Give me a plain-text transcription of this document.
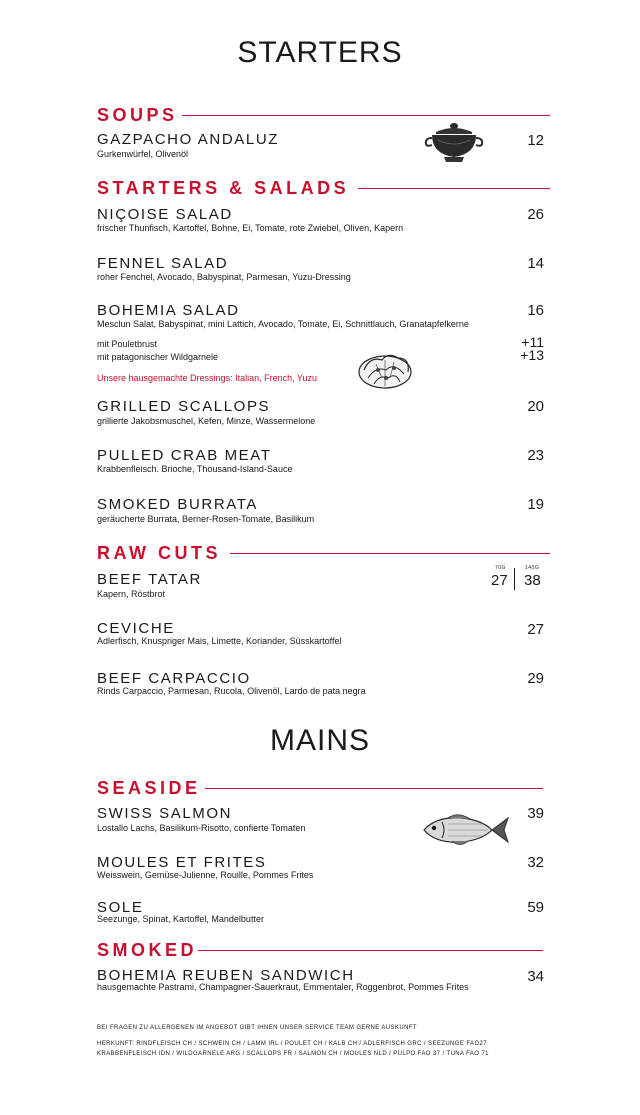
STARTERS
SOUPS
GAZPACHO ANDALUZ
Gurkenwürfel, Olivenöl
12
STARTERS & SALADS
NIÇOISE SALAD
frischer Thunfisch, Kartoffel, Bohne, Ei, Tomate, rote Zwiebel, Oliven, Kapern
26
FENNEL SALAD
roher Fenchel, Avocado, Babyspinat, Parmesan, Yuzu-Dressing
14
BOHEMIA SALAD
Mesclun Salat, Babyspinat, mini Lattich, Avocado, Tomate, Ei, Schnittlauch, Granatapfelkerne
16
mit Pouletbrust	+11
mit patagonischer Wildgarnele	+13
Unsere hausgemachte Dressings: Italian, French, Yuzu
GRILLED SCALLOPS
grillierte Jakobsmuschel, Kefen, Minze, Wassermelone
20
PULLED CRAB MEAT
Krabbenfleisch. Brioche, Thousand-Island-Sauce
23
SMOKED BURRATA
geräucherte Burrata, Berner-Rosen-Tomate, Basilikum
19
RAW CUTS
BEEF TATAR
Kapern, Röstbrot
70G	140G
27 38
CEVICHE
Adlerfisch, Knuspriger Mais, Limette, Koriander, Süsskartoffel
27
BEEF CARPACCIO
Rinds Carpaccio, Parmesan, Rucola, Olivenöl, Lardo de pata negra
29
MAINS
SEASIDE
SWISS SALMON
Lostallo Lachs, Basilikum-Risotto, confierte Tomaten
39
MOULES ET FRITES
Weisswein, Gemüse-Julienne, Rouille, Pommes Frites
32
SOLE
Seezunge, Spinat, Kartoffel, Mandelbutter
59
SMOKED
BOHEMIA REUBEN SANDWICH
hausgemachte Pastrami, Champagner-Sauerkraut, Emmentaler, Roggenbrot, Pommes Frites
34
BEI FRAGEN ZU ALLERGENEN IM ANGEBOT GIBT IHNEN UNSER SERVICE TEAM GERNE AUSKUNFT
HERKUNFT: RINDFLEISCH CH / SCHWEIN CH / LAMM IRL / POULET CH / KALB CH / ADLERFISCH GRC / SEEZUNGE FAO27
KRABBENFLEISCH IDN / WILDGARNELE ARG / SCALLOPS FR / SALMON CH / MOULES NLD / PULPO FAO 37 / TUNA FAO 71
